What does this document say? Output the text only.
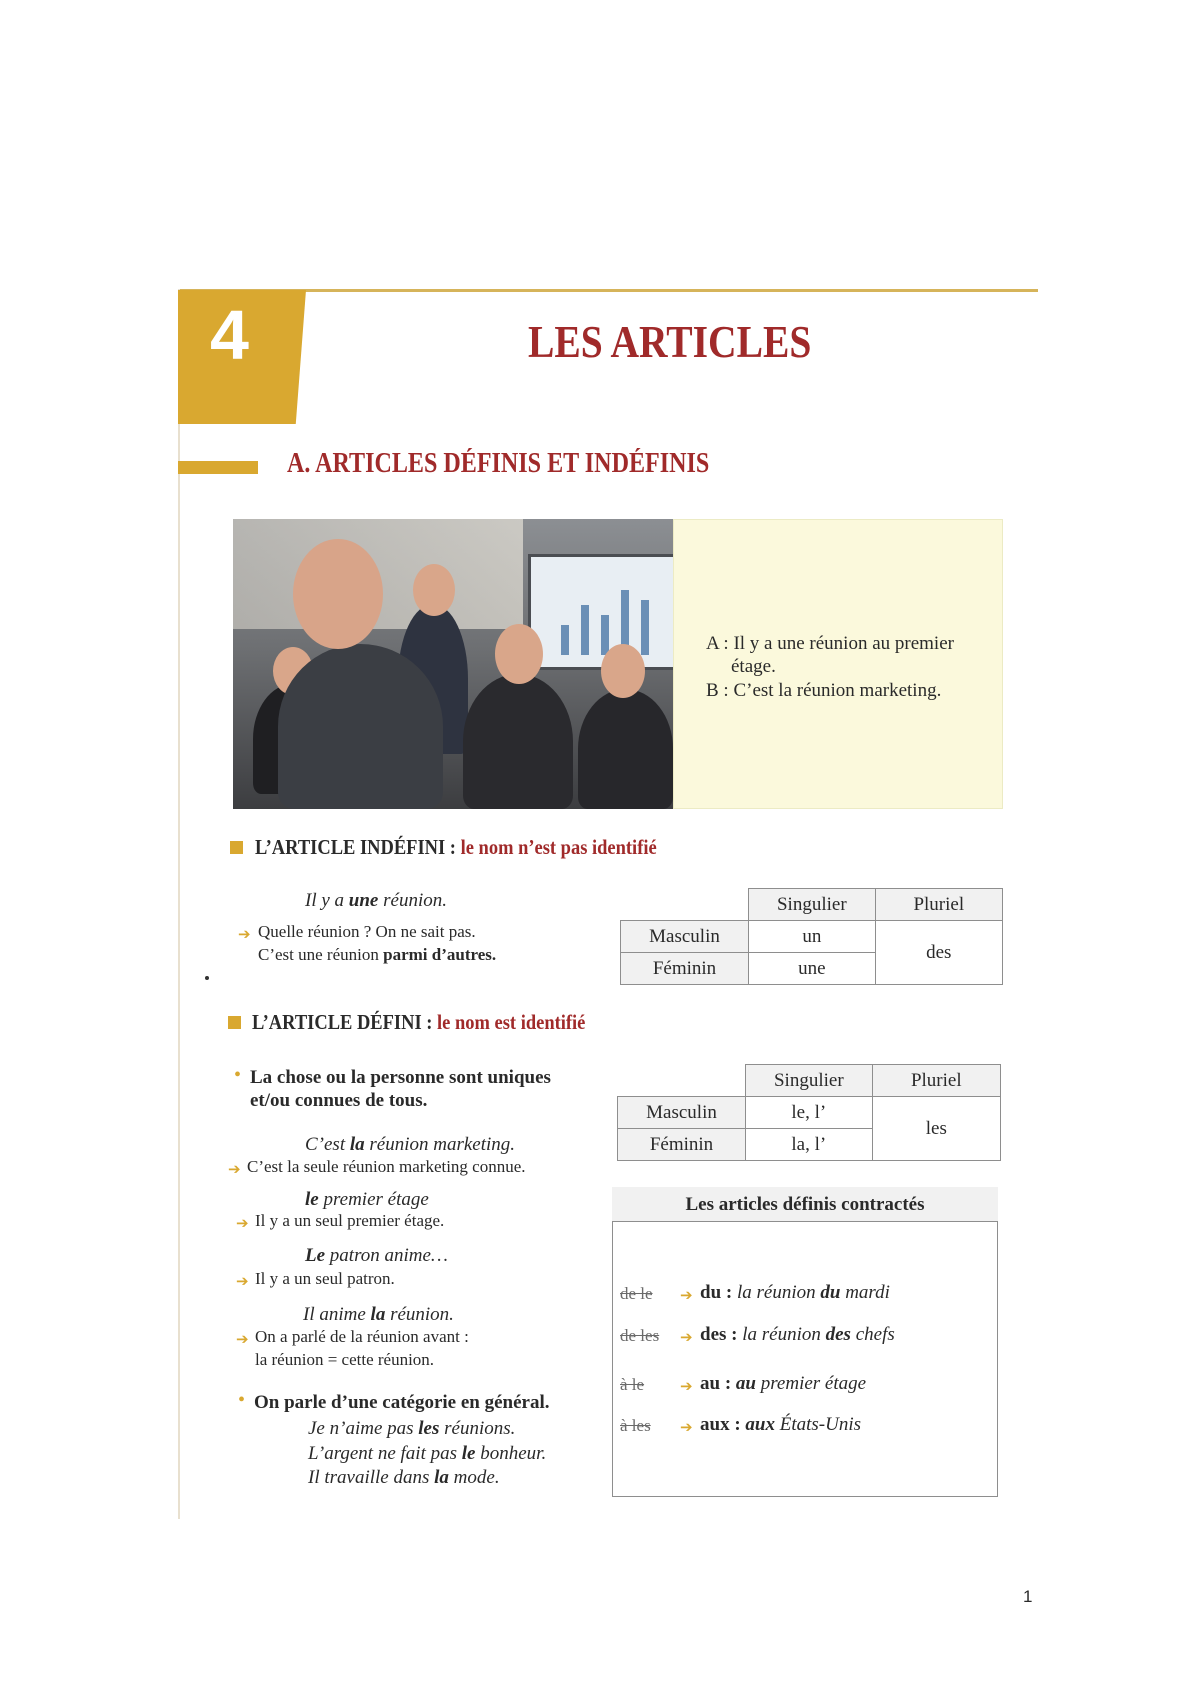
4	LES ARTICLES
A. ARTICLES DÉFINIS ET INDÉFINIS
A : Il y a une réunion au premier
étage.
B : C’est la réunion marketing.
L’ARTICLE INDÉFINI : le nom n’est pas identifié
Il y a une réunion.
➔ Quelle réunion ? On ne sait pas.
C’est une réunion parmi d’autres.
	Singulier	Pluriel
Masculin	un	des
Féminin	une	
L’ARTICLE DÉFINI : le nom est identifié
• La chose ou la personne sont uniques
et/ou connues de tous.
C’est la réunion marketing.
➔ C’est la seule réunion marketing connue.
le premier étage
➔ Il y a un seul premier étage.
Le patron anime…
➔ Il y a un seul patron.
Il anime la réunion.
➔ On a parlé de la réunion avant :
la réunion = cette réunion.
• On parle d’une catégorie en général.
Je n’aime pas les réunions.
L’argent ne fait pas le bonheur.
Il travaille dans la mode.
	Singulier	Pluriel
Masculin	le, l’	les
Féminin	la, l’	
Les articles définis contractés
de le ➔ du : la réunion du mardi
de les ➔ des : la réunion des chefs
à le ➔ au : au premier étage
à les ➔ aux : aux États-Unis
1
